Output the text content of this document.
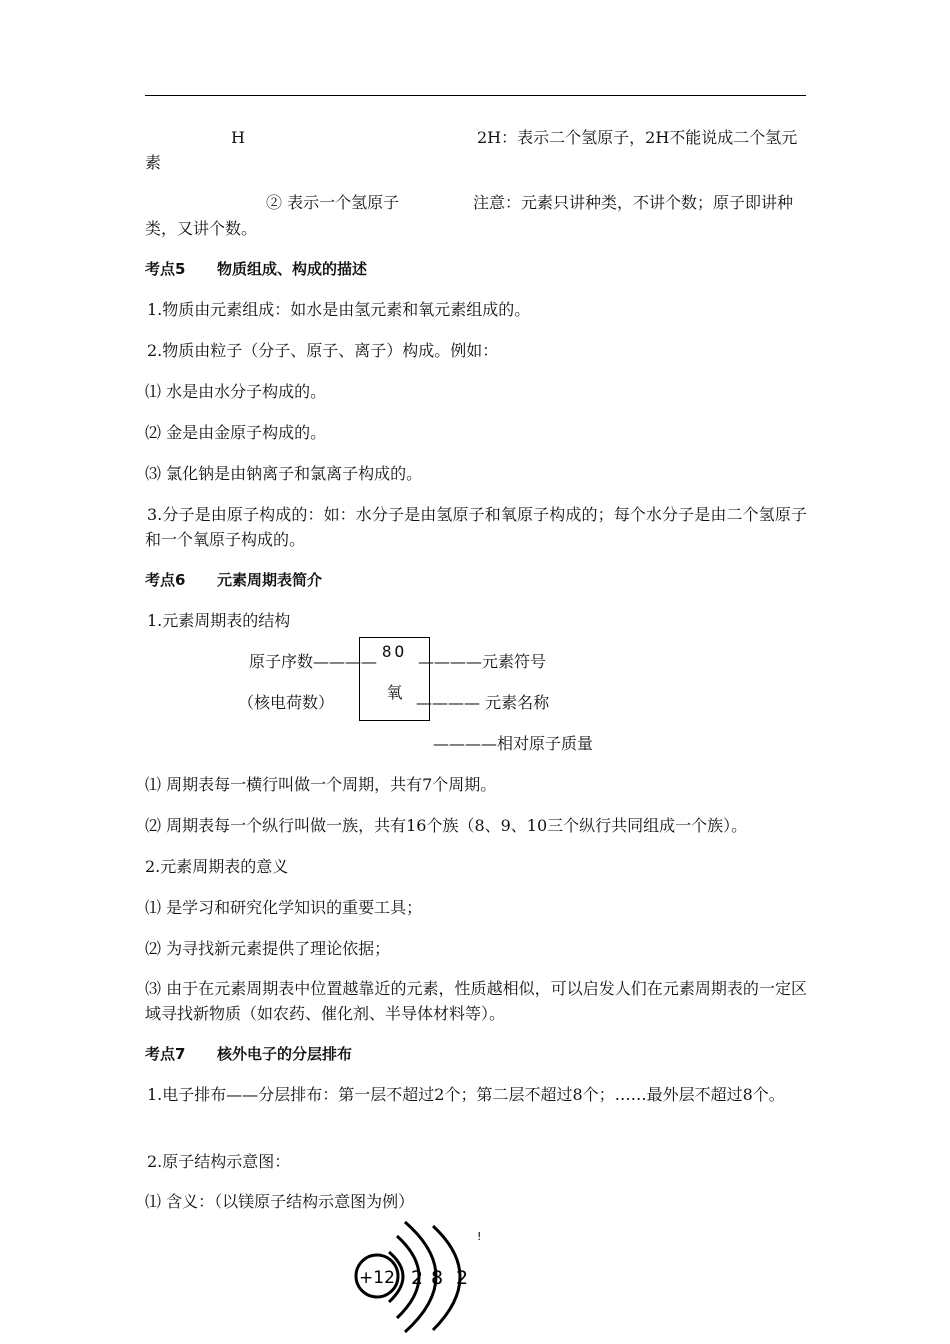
H	2H：表示二个氢原子，2H不能说成二个氢元
素
② 表示一个氢原子	注意：元素只讲种类，不讲个数；原子即讲种
类，又讲个数。
考点5 物质组成、构成的描述
1.物质由元素组成：如水是由氢元素和氧元素组成的。
2.物质由粒子（分子、原子、离子）构成。例如：
⑴ 水是由水分子构成的。
⑵ 金是由金原子构成的。
⑶ 氯化钠是由钠离子和氯离子构成的。
3.分子是由原子构成的：如：水分子是由氢原子和氧原子构成的；每个水分子是由二个氢原子和一个氧原子构成的。
考点6 元素周期表简介
1.元素周期表的结构
原子序数————
（核电荷数）
8O
氧
————元素符号
———— 元素名称
————相对原子质量
⑴ 周期表每一横行叫做一个周期，共有7个周期。
⑵ 周期表每一个纵行叫做一族，共有16个族（8、9、10三个纵行共同组成一个族）。
2.元素周期表的意义
⑴ 是学习和研究化学知识的重要工具；
⑵ 为寻找新元素提供了理论依据；
⑶ 由于在元素周期表中位置越靠近的元素，性质越相似，可以启发人们在元素周期表的一定区域寻找新物质（如农药、催化剂、半导体材料等）。
考点7 核外电子的分层排布
1.电子排布——分层排布：第一层不超过2个；第二层不超过8个；……最外层不超过8个。
2.原子结构示意图：
⑴ 含义：（以镁原子结构示意图为例）
+12 2 8 2
!
